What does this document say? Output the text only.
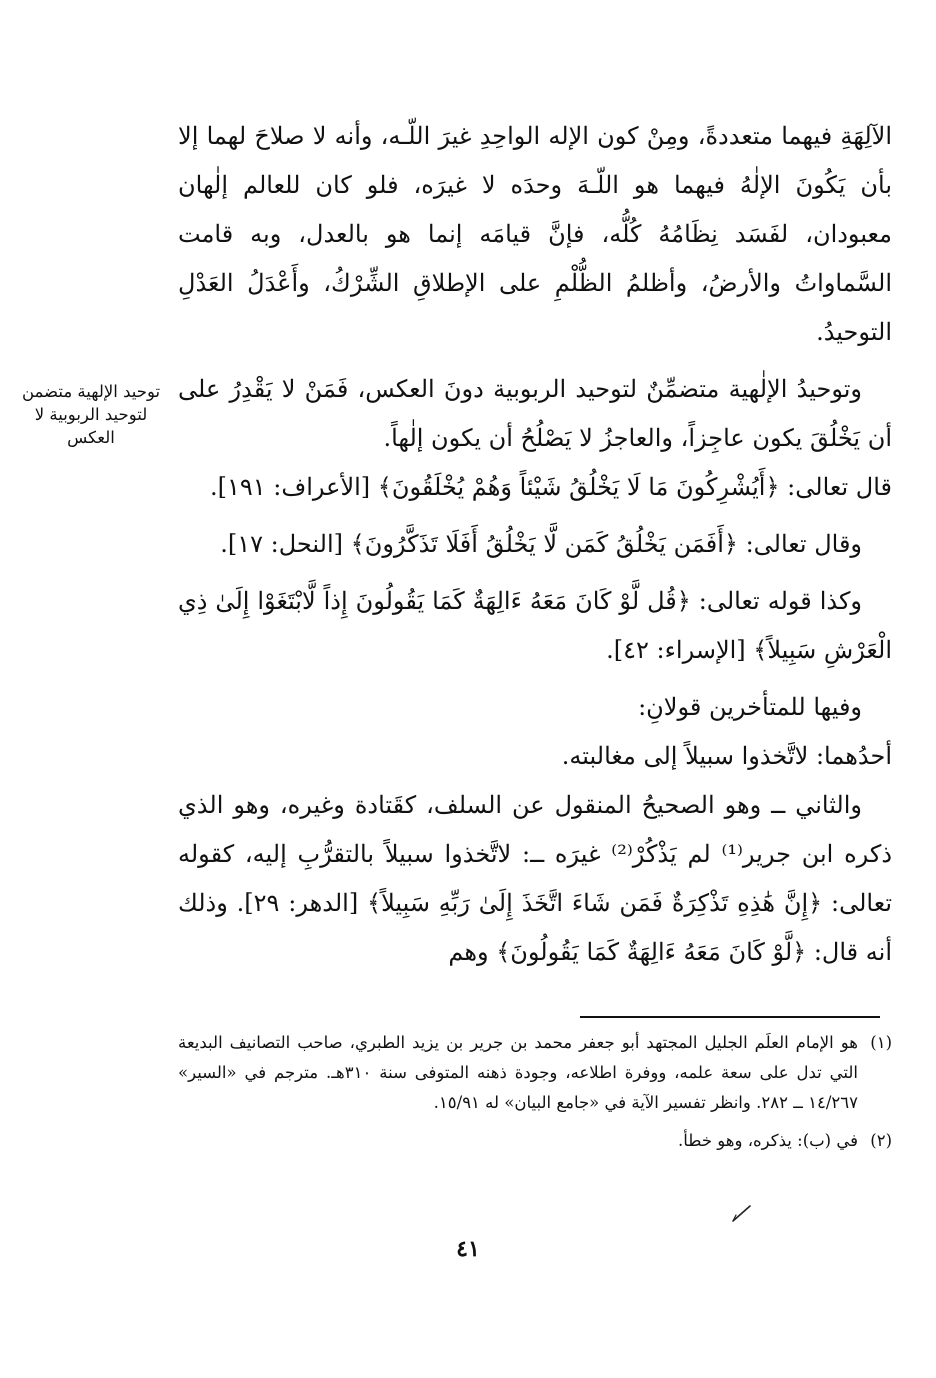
الآلِهَةِ فيهما متعددةً، ومِنْ كون الإله الواحِدِ غيرَ اللّـه، وأنه لا صلاحَ لهما إلا بأن يَكُونَ الإلٰهُ فيهما هو اللّـهَ وحدَه لا غيرَه، فلو كان للعالم إلٰهان معبودان، لفَسَد نِظَامُهُ كُلُّه، فإنَّ قيامَه إنما هو بالعدل، وبه قامت السَّماواتُ والأرضُ، وأظلمُ الظُّلْمِ على الإطلاقِ الشِّرْكُ، وأَعْدَلُ العَدْلِ التوحيدُ.

وتوحيدُ الإلٰهية متضمِّنٌ لتوحيد الربوبية دونَ العكس، فَمَنْ لا يَقْدِرُ على أن يَخْلُقَ يكون عاجِزاً، والعاجزُ لا يَصْلُحُ أن يكون إلٰهاً.

قال تعالى: ﴿أَيُشْرِكُونَ مَا لَا يَخْلُقُ شَيْئاً وَهُمْ يُخْلَقُونَ﴾ [الأعراف: ١٩١].

وقال تعالى: ﴿أَفَمَن يَخْلُقُ كَمَن لَّا يَخْلُقُ أَفَلَا تَذَكَّرُونَ﴾ [النحل: ١٧].

وكذا قوله تعالى: ﴿قُل لَّوْ كَانَ مَعَهُ ءَالِهَةٌ كَمَا يَقُولُونَ إِذاً لَّابْتَغَوْا إِلَىٰ ذِي الْعَرْشِ سَبِيلاً﴾ [الإسراء: ٤٢].

وفيها للمتأخرين قولانِ:

أحدُهما: لاتَّخذوا سبيلاً إلى مغالبته.

والثاني ــ وهو الصحيحُ المنقول عن السلف، كقَتادة وغيره، وهو الذي ذكره ابن جرير⁽¹⁾ لم يَذْكُرْ⁽²⁾ غيرَه ــ: لاتَّخذوا سبيلاً بالتقرُّبِ إليه، كقوله تعالى: ﴿إِنَّ هَٰذِهِ تَذْكِرَةٌ فَمَن شَاءَ اتَّخَذَ إِلَىٰ رَبِّهِ سَبِيلاً﴾ [الدهر: ٢٩]. وذلك أنه قال: ﴿لَّوْ كَانَ مَعَهُ ءَالِهَةٌ كَمَا يَقُولُونَ﴾ وهم

توحيد الإلهية متضمن لتوحيد الربوبية لا العكس
(١)
هو الإمام العلَم الجليل المجتهد أبو جعفر محمد بن جرير بن يزيد الطبري، صاحب التصانيف البديعة التي تدل على سعة علمه، ووفرة اطلاعه، وجودة ذهنه المتوفى سنة ٣١٠هـ. مترجم في «السير» ١٤/٢٦٧ ــ ٢٨٢. وانظر تفسير الآية في «جامع البيان» له ١٥/٩١.
(٢)
في (ب): يذكره، وهو خطأ.
٤١
